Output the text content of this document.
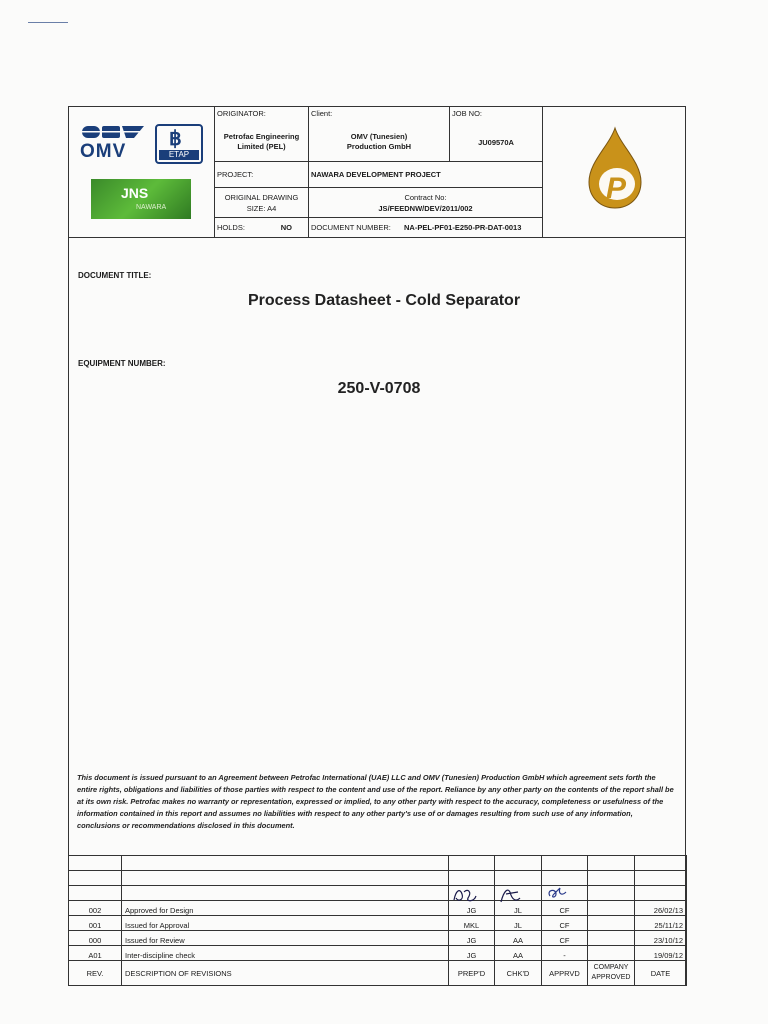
OMV
฿
ETAP
JNS
NAWARA
ORIGINATOR:
Petrofac Engineering Limited (PEL)
Client:
OMV (Tunesien) Production GmbH
JOB NO:
JU09570A
PROJECT:	NAWARA DEVELOPMENT PROJECT
ORIGINAL DRAWING
SIZE: A4
Contract No:
JS/FEEDNW/DEV/2011/002
HOLDS:	NO	DOCUMENT NUMBER: NA-PEL-PF01-E250-PR-DAT-0013
P
DOCUMENT TITLE:
Process Datasheet - Cold Separator
EQUIPMENT NUMBER:
250-V-0708
This document is issued pursuant to an Agreement between Petrofac International (UAE) LLC and OMV (Tunesien) Production GmbH which agreement sets forth the entire rights, obligations and liabilities of those parties with respect to the content and use of the report. Reliance by any other party on the contents of the report shall be at its own risk. Petrofac makes no warranty or representation, expressed or implied, to any other party with respect to the accuracy, completeness or usefulness of the information contained in this report and assumes no liabilities with respect to any other party's use of or damages resulting from such use of any information, conclusions or recommendations disclosed in this document.

002	Approved for Design	JG	JL	CF		26/02/13
001	Issued for Approval	MKL	JL	CF		25/11/12
000	Issued for Review	JG	AA	CF		23/10/12
A01	Inter-discipline check	JG	AA	-		19/09/12
REV.	DESCRIPTION OF REVISIONS	PREP'D	CHK'D	APPRVD	COMPANY APPROVED	DATE
